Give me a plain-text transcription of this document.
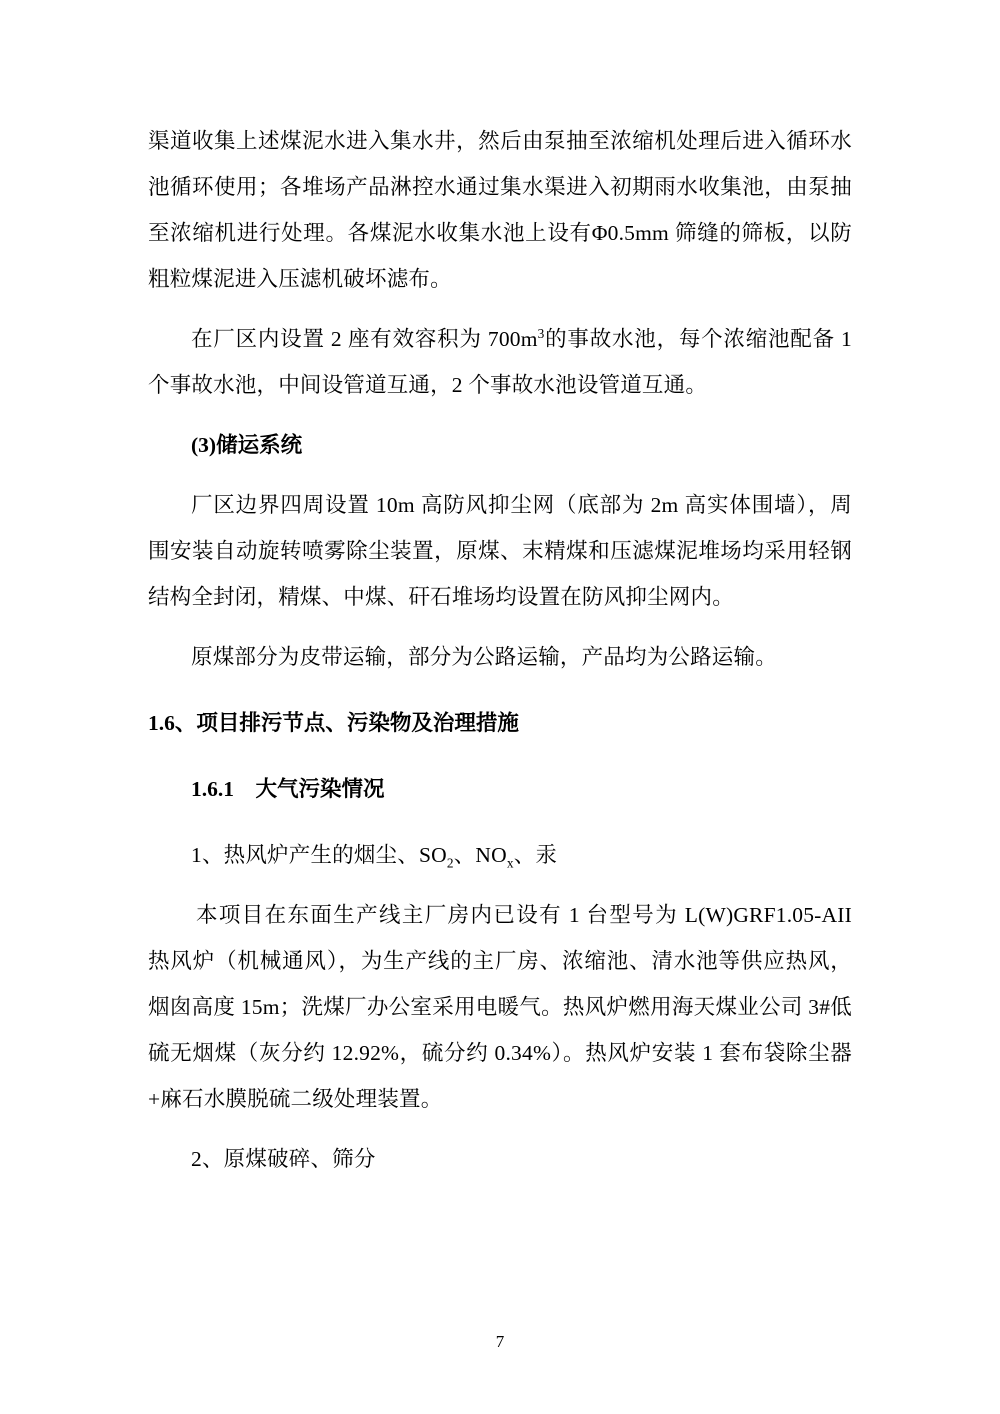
渠道收集上述煤泥水进入集水井，然后由泵抽至浓缩机处理后进入循环水池循环使用；各堆场产品淋控水通过集水渠进入初期雨水收集池，由泵抽至浓缩机进行处理。各煤泥水收集水池上设有Φ0.5mm 筛缝的筛板，以防粗粒煤泥进入压滤机破坏滤布。

在厂区内设置 2 座有效容积为 $700m^3$的事故水池，每个浓缩池配备 1 个事故水池，中间设管道互通，2 个事故水池设管道互通。

(3)储运系统

厂区边界四周设置 10m 高防风抑尘网（底部为 2m 高实体围墙），周围安装自动旋转喷雾除尘装置，原煤、末精煤和压滤煤泥堆场均采用轻钢结构全封闭，精煤、中煤、矸石堆场均设置在防风抑尘网内。

原煤部分为皮带运输，部分为公路运输，产品均为公路运输。

1.6、项目排污节点、污染物及治理措施

1.6.1　大气污染情况

1、热风炉产生的烟尘、$SO_2$、$NO_x$、汞

本项目在东面生产线主厂房内已设有 1 台型号为 L(W)GRF1.05-AII 热风炉（机械通风），为生产线的主厂房、浓缩池、清水池等供应热风，烟囱高度 15m；洗煤厂办公室采用电暖气。热风炉燃用海天煤业公司 3#低硫无烟煤（灰分约 12.92%，硫分约 0.34%）。热风炉安装 1 套布袋除尘器+麻石水膜脱硫二级处理装置。

2、原煤破碎、筛分

7
